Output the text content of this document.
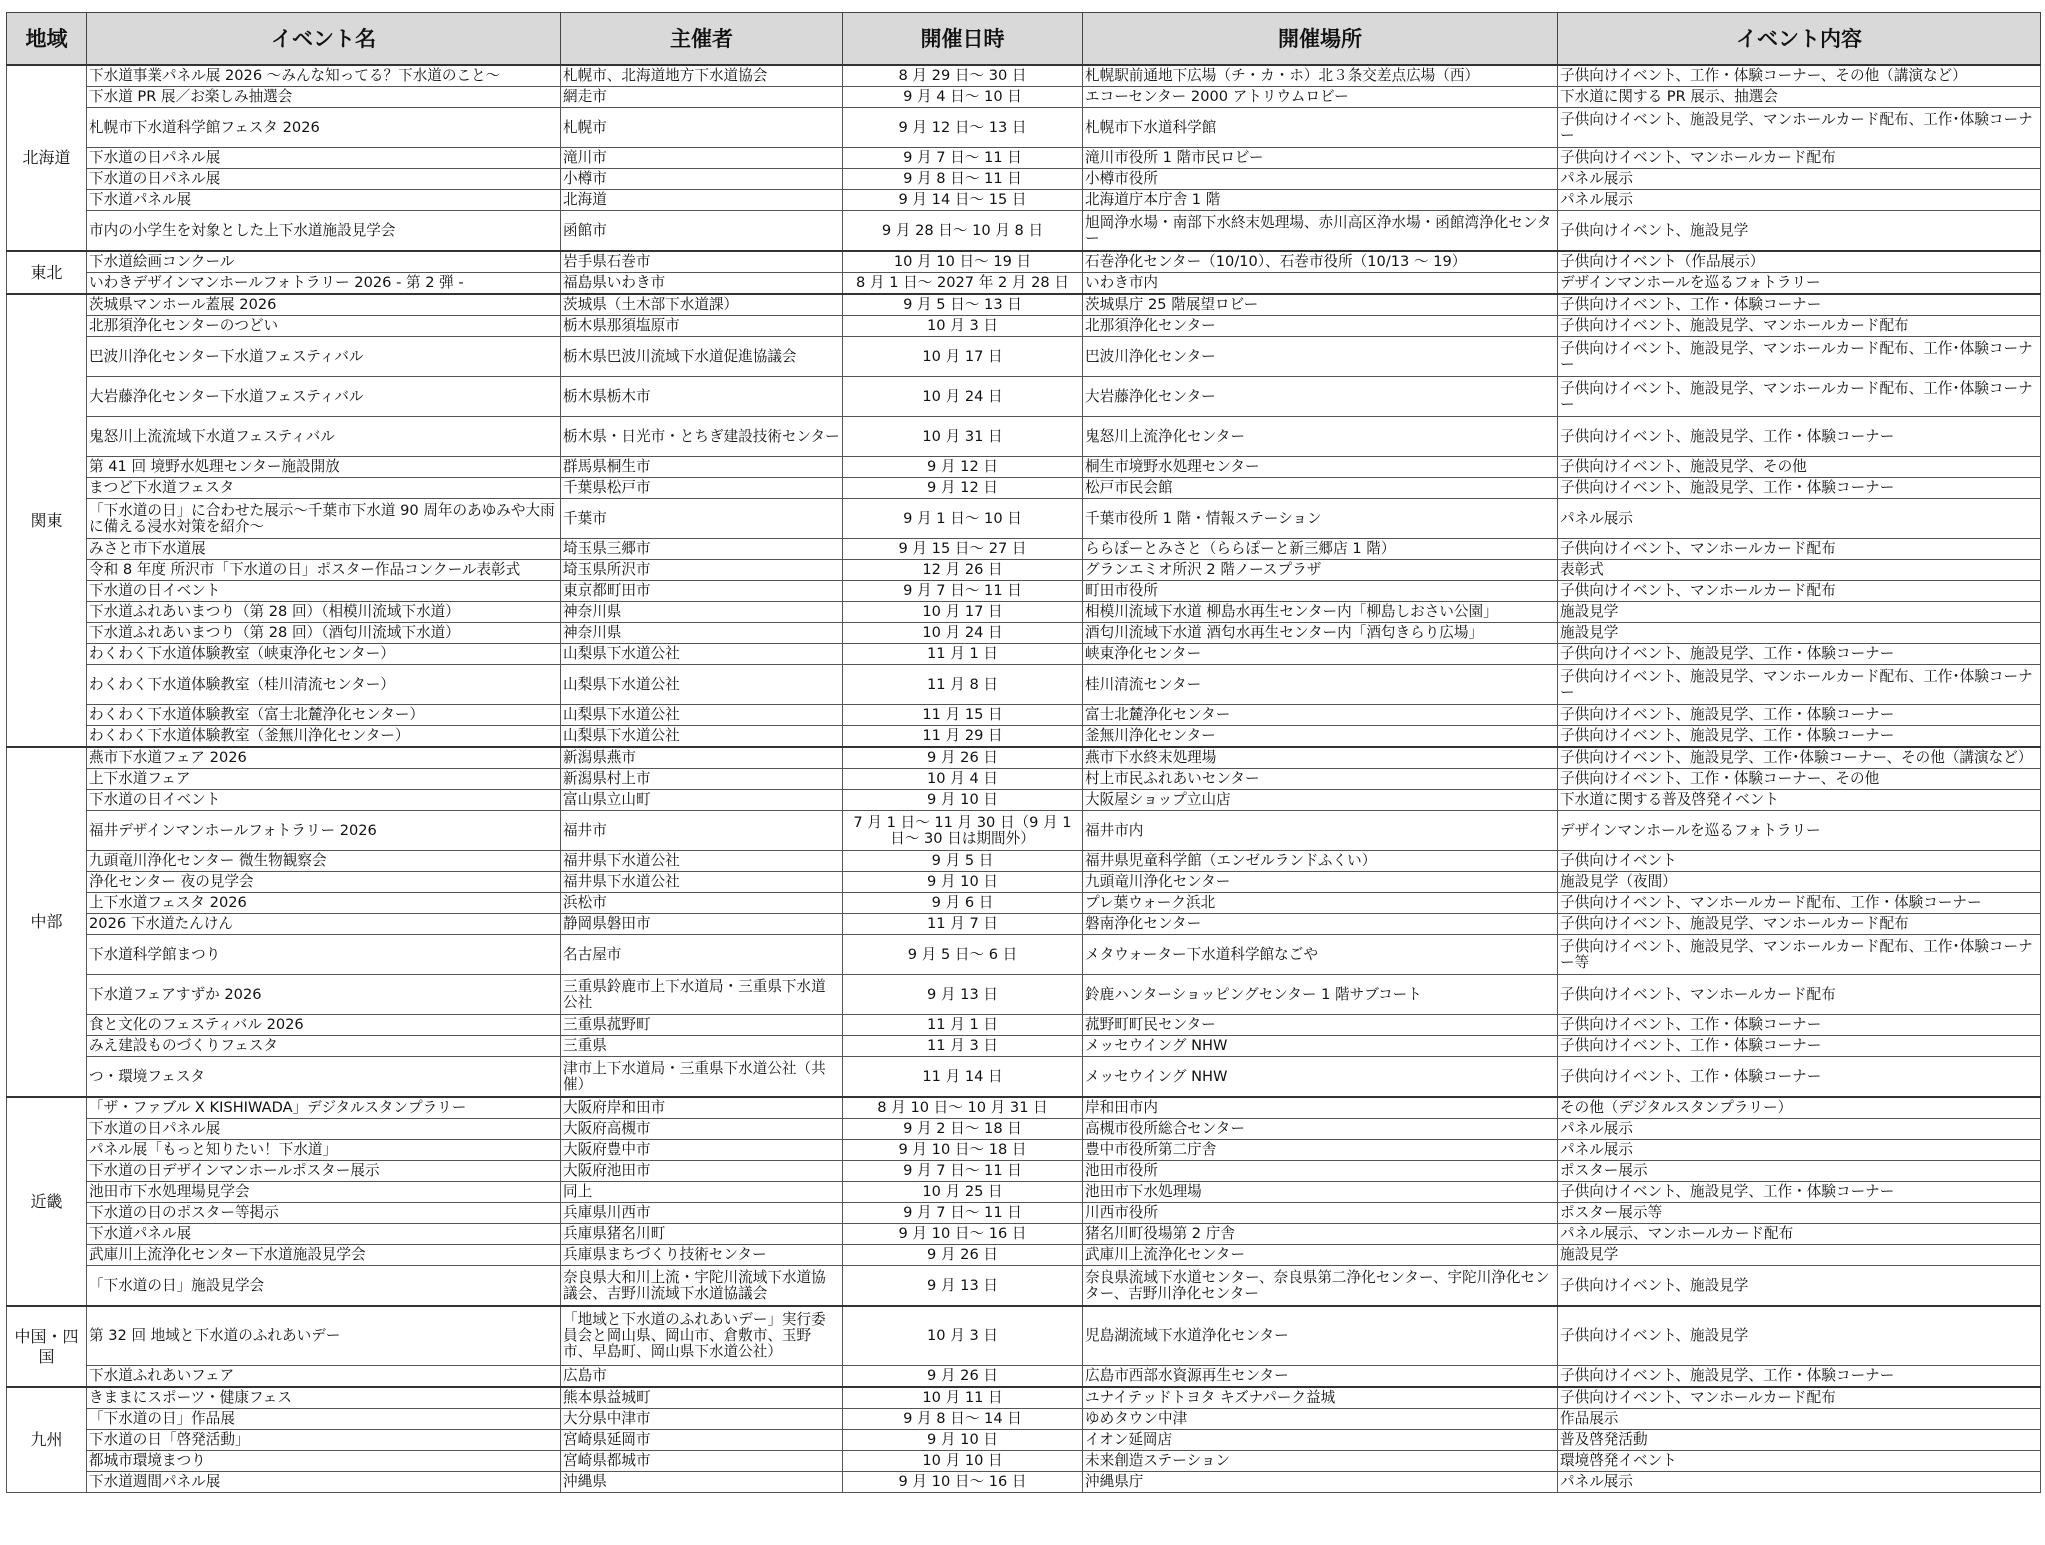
地域	イベント名	主催者	開催日時	開催場所	イベント内容
北海道	下水道事業パネル展 2026 ～みんな知ってる？下水道のこと～	札幌市、北海道地方下水道協会	8 月 29 日～ 30 日	札幌駅前通地下広場（チ・カ・ホ）北３条交差点広場（西）	子供向けイベント、工作・体験コーナー、その他（講演など）
	下水道 PR 展／お楽しみ抽選会	網走市	9 月 4 日～ 10 日	エコーセンター 2000 アトリウムロビー	下水道に関する PR 展示、抽選会
	札幌市下水道科学館フェスタ 2026	札幌市	9 月 12 日～ 13 日	札幌市下水道科学館	子供向けイベント、施設見学、マンホールカード配布、工作･体験コーナー
	下水道の日パネル展	滝川市	9 月 7 日～ 11 日	滝川市役所 1 階市民ロビー	子供向けイベント、マンホールカード配布
	下水道の日パネル展	小樽市	9 月 8 日～ 11 日	小樽市役所	パネル展示
	下水道パネル展	北海道	9 月 14 日～ 15 日	北海道庁本庁舎 1 階	パネル展示
	市内の小学生を対象とした上下水道施設見学会	函館市	9 月 28 日～ 10 月 8 日	旭岡浄水場・南部下水終末処理場、赤川高区浄水場・函館湾浄化センター	子供向けイベント、施設見学
東北	下水道絵画コンクール	岩手県石巻市	10 月 10 日～ 19 日	石巻浄化センター（10/10）、石巻市役所（10/13 ～ 19）	子供向けイベント（作品展示）
	いわきデザインマンホールフォトラリー 2026 - 第 2 弾 -	福島県いわき市	8 月 1 日～ 2027 年 2 月 28 日	いわき市内	デザインマンホールを巡るフォトラリー
関東	茨城県マンホール蓋展 2026	茨城県（土木部下水道課）	9 月 5 日～ 13 日	茨城県庁 25 階展望ロビー	子供向けイベント、工作・体験コーナー
	北那須浄化センターのつどい	栃木県那須塩原市	10 月 3 日	北那須浄化センター	子供向けイベント、施設見学、マンホールカード配布
	巴波川浄化センター下水道フェスティバル	栃木県巴波川流域下水道促進協議会	10 月 17 日	巴波川浄化センター	子供向けイベント、施設見学、マンホールカード配布、工作･体験コーナー
	大岩藤浄化センター下水道フェスティバル	栃木県栃木市	10 月 24 日	大岩藤浄化センター	子供向けイベント、施設見学、マンホールカード配布、工作･体験コーナー
	鬼怒川上流流域下水道フェスティバル	栃木県・日光市・とちぎ建設技術センター	10 月 31 日	鬼怒川上流浄化センター	子供向けイベント、施設見学、工作・体験コーナー
	第 41 回 境野水処理センター施設開放	群馬県桐生市	9 月 12 日	桐生市境野水処理センター	子供向けイベント、施設見学、その他
	まつど下水道フェスタ	千葉県松戸市	9 月 12 日	松戸市民会館	子供向けイベント、施設見学、工作・体験コーナー
	「下水道の日」に合わせた展示～千葉市下水道 90 周年のあゆみや大雨に備える浸水対策を紹介～	千葉市	9 月 1 日～ 10 日	千葉市役所 1 階・情報ステーション	パネル展示
	みさと市下水道展	埼玉県三郷市	9 月 15 日～ 27 日	ららぽーとみさと（ららぽーと新三郷店 1 階）	子供向けイベント、マンホールカード配布
	令和 8 年度 所沢市「下水道の日」ポスター作品コンクール表彰式	埼玉県所沢市	12 月 26 日	グランエミオ所沢 2 階ノースプラザ	表彰式
	下水道の日イベント	東京都町田市	9 月 7 日～ 11 日	町田市役所	子供向けイベント、マンホールカード配布
	下水道ふれあいまつり（第 28 回）（相模川流域下水道）	神奈川県	10 月 17 日	相模川流域下水道 柳島水再生センター内「柳島しおさい公園」	施設見学
	下水道ふれあいまつり（第 28 回）（酒匂川流域下水道）	神奈川県	10 月 24 日	酒匂川流域下水道 酒匂水再生センター内「酒匂きらり広場」	施設見学
	わくわく下水道体験教室（峡東浄化センター）	山梨県下水道公社	11 月 1 日	峡東浄化センター	子供向けイベント、施設見学、工作・体験コーナー
	わくわく下水道体験教室（桂川清流センター）	山梨県下水道公社	11 月 8 日	桂川清流センター	子供向けイベント、施設見学、マンホールカード配布、工作･体験コーナー
	わくわく下水道体験教室（富士北麓浄化センター）	山梨県下水道公社	11 月 15 日	富士北麓浄化センター	子供向けイベント、施設見学、工作・体験コーナー
	わくわく下水道体験教室（釜無川浄化センター）	山梨県下水道公社	11 月 29 日	釜無川浄化センター	子供向けイベント、施設見学、工作・体験コーナー
中部	燕市下水道フェア 2026	新潟県燕市	9 月 26 日	燕市下水終末処理場	子供向けイベント、施設見学、工作･体験コーナー、その他（講演など）
	上下水道フェア	新潟県村上市	10 月 4 日	村上市民ふれあいセンター	子供向けイベント、工作・体験コーナー、その他
	下水道の日イベント	富山県立山町	9 月 10 日	大阪屋ショップ立山店	下水道に関する普及啓発イベント
	福井デザインマンホールフォトラリー 2026	福井市	7 月 1 日～ 11 月 30 日（9 月 1 日～ 30 日は期間外）	福井市内	デザインマンホールを巡るフォトラリー
	九頭竜川浄化センター 微生物観察会	福井県下水道公社	9 月 5 日	福井県児童科学館（エンゼルランドふくい）	子供向けイベント
	浄化センター 夜の見学会	福井県下水道公社	9 月 10 日	九頭竜川浄化センター	施設見学（夜間）
	上下水道フェスタ 2026	浜松市	9 月 6 日	プレ葉ウォーク浜北	子供向けイベント、マンホールカード配布、工作・体験コーナー
	2026 下水道たんけん	静岡県磐田市	11 月 7 日	磐南浄化センター	子供向けイベント、施設見学、マンホールカード配布
	下水道科学館まつり	名古屋市	9 月 5 日～ 6 日	メタウォーター下水道科学館なごや	子供向けイベント、施設見学、マンホールカード配布、工作･体験コーナー等
	下水道フェアすずか 2026	三重県鈴鹿市上下水道局・三重県下水道公社	9 月 13 日	鈴鹿ハンターショッピングセンター 1 階サブコート	子供向けイベント、マンホールカード配布
	食と文化のフェスティバル 2026	三重県菰野町	11 月 1 日	菰野町町民センター	子供向けイベント、工作・体験コーナー
	みえ建設ものづくりフェスタ	三重県	11 月 3 日	メッセウイング NHW	子供向けイベント、工作・体験コーナー
	つ・環境フェスタ	津市上下水道局・三重県下水道公社（共催）	11 月 14 日	メッセウイング NHW	子供向けイベント、工作・体験コーナー
近畿	「ザ・ファブル X KISHIWADA」デジタルスタンプラリー	大阪府岸和田市	8 月 10 日～ 10 月 31 日	岸和田市内	その他（デジタルスタンプラリー）
	下水道の日パネル展	大阪府高槻市	9 月 2 日～ 18 日	高槻市役所総合センター	パネル展示
	パネル展「もっと知りたい！下水道」	大阪府豊中市	9 月 10 日～ 18 日	豊中市役所第二庁舎	パネル展示
	下水道の日デザインマンホールポスター展示	大阪府池田市	9 月 7 日～ 11 日	池田市役所	ポスター展示
	池田市下水処理場見学会	同上	10 月 25 日	池田市下水処理場	子供向けイベント、施設見学、工作・体験コーナー
	下水道の日のポスター等掲示	兵庫県川西市	9 月 7 日～ 11 日	川西市役所	ポスター展示等
	下水道パネル展	兵庫県猪名川町	9 月 10 日～ 16 日	猪名川町役場第 2 庁舎	パネル展示、マンホールカード配布
	武庫川上流浄化センター下水道施設見学会	兵庫県まちづくり技術センター	9 月 26 日	武庫川上流浄化センター	施設見学
	「下水道の日」施設見学会	奈良県大和川上流・宇陀川流域下水道協議会、吉野川流域下水道協議会	9 月 13 日	奈良県流域下水道センター、奈良県第二浄化センター、宇陀川浄化センター、吉野川浄化センター	子供向けイベント、施設見学
中国・四国	第 32 回 地域と下水道のふれあいデー	「地域と下水道のふれあいデー」実行委員会と岡山県、岡山市、倉敷市、玉野市、早島町、岡山県下水道公社）	10 月 3 日	児島湖流域下水道浄化センター	子供向けイベント、施設見学
	下水道ふれあいフェア	広島市	9 月 26 日	広島市西部水資源再生センター	子供向けイベント、施設見学、工作・体験コーナー
九州	きままにスポーツ・健康フェス	熊本県益城町	10 月 11 日	ユナイテッドトヨタ キズナパーク益城	子供向けイベント、マンホールカード配布
	「下水道の日」作品展	大分県中津市	9 月 8 日～ 14 日	ゆめタウン中津	作品展示
	下水道の日「啓発活動」	宮崎県延岡市	9 月 10 日	イオン延岡店	普及啓発活動
	都城市環境まつり	宮崎県都城市	10 月 10 日	未来創造ステーション	環境啓発イベント
	下水道週間パネル展	沖縄県	9 月 10 日～ 16 日	沖縄県庁	パネル展示
